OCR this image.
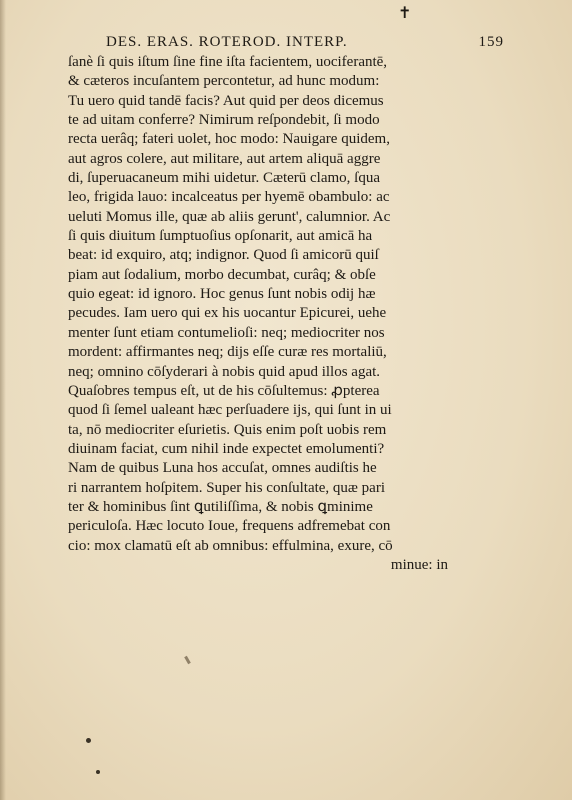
✝
DES. ERAS. ROTEROD. INTERP.	159
ſanè ſi quis iſtum ſine fine iſta facientem, uociferantē,
& cæteros incuſantem percontetur, ad hunc modum:
Tu uero quid tandē facis? Aut quid per deos dicemus
te ad uitam conferre? Nimirum reſpondebit, ſi modo
recta uerâq; fateri uolet, hoc modo: Nauigare quidem,
aut agros colere, aut militare, aut artem aliquā aggre
di, ſuperuacaneum mihi uidetur. Cæterū clamo, ſqua
leo, frigida lauo: incalceatus per hyemē obambulo: ac
ueluti Momus ille, quæ ab aliis gerunt', calumnior. Ac
ſi quis diuitum ſumptuoſius opſonarit, aut amicā ha
beat: id exquiro, atq; indignor. Quod ſi amicorū quiſ
piam aut ſodalium, morbo decumbat, curâq; & obſe
quio egeat: id ignoro. Hoc genus ſunt nobis odij hæ
pecudes. Iam uero qui ex his uocantur Epicurei, uehe
menter ſunt etiam contumelioſi: neq; mediocriter nos
mordent: affirmantes neq; dijs eſſe curæ res mortaliū,
neq; omnino cōſyderari à nobis quid apud illos agat.
Quaſobres tempus eſt, ut de his cōſultemus: ꝓpterea
quod ſi ſemel ualeant hæc perſuadere ijs, qui ſunt in ui
ta, nō mediocriter eſurietis. Quis enim poſt uobis rem
diuinam faciat, cum nihil inde expectet emolumenti?
Nam de quibus Luna hos accuſat, omnes audiſtis he
ri narrantem hoſpitem. Super his conſultate, quæ pari
ter & hominibus ſint ꝗutiliſſima, & nobis ꝗminime
periculoſa. Hæc locuto Ioue, frequens adfremebat con
cio: mox clamatū eſt ab omnibus: effulmina, exure, cō
minue: in
